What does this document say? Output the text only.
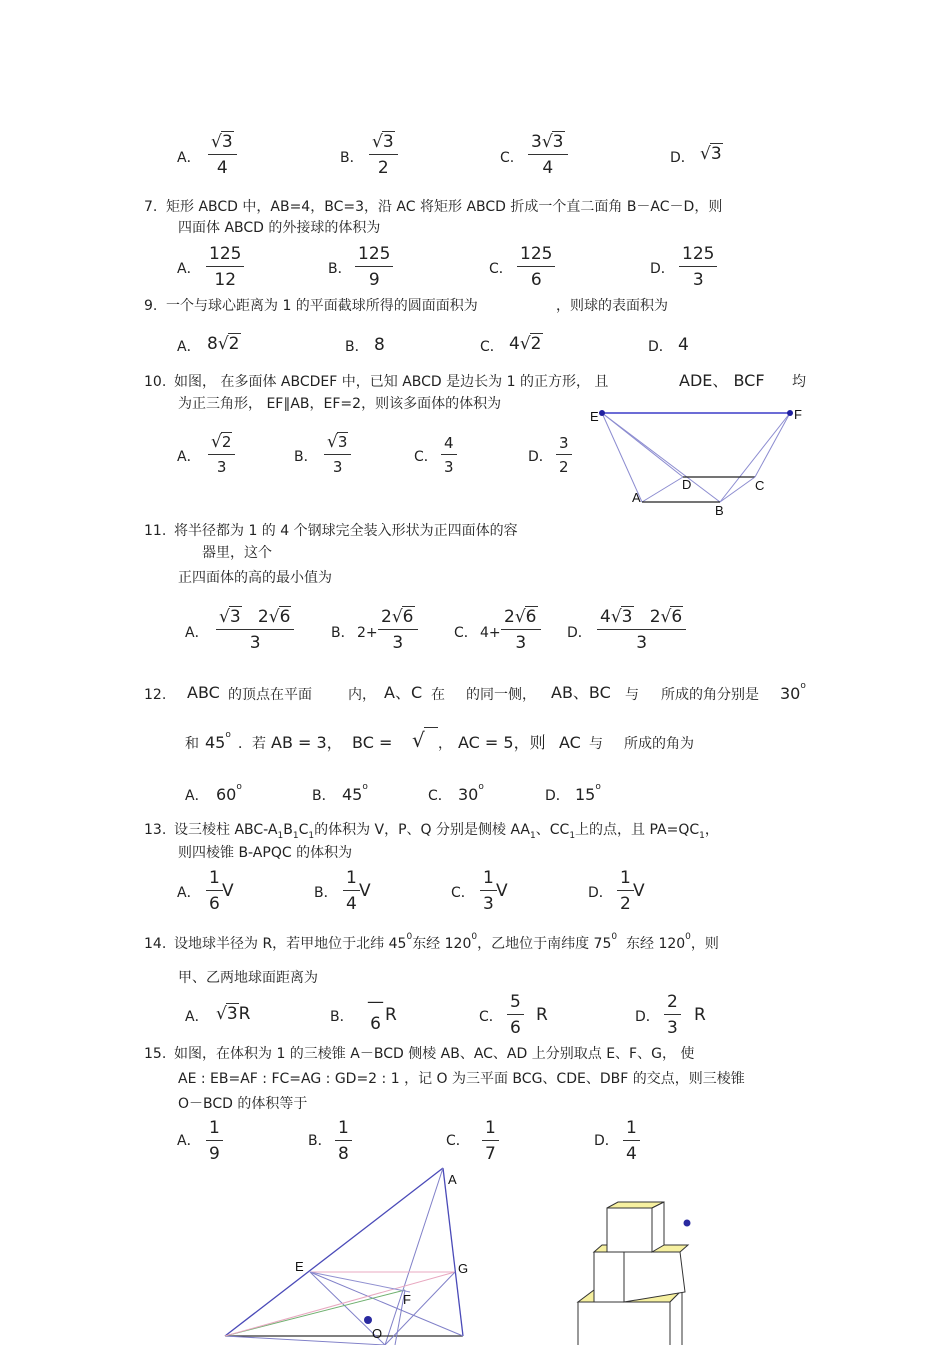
A．
√3
4	B．
√3
2	C.
3√3
4	D． √3
7. 矩形 ABCD 中，AB=4，BC=3，沿 AC 将矩形 ABCD 折成一个直二面角 B－AC－D，则
四面体 ABCD 的外接球的体积为
A．
125
12
B．
125
9
C．
125
6
D．
125
3
9. 一个与球心距离为 1 的平面截球所得的圆面面积为	，则球的表面积为
A． 8√2	B． 8	C． 4√2	D． 4
10. 如图， 在多面体 ABCDEF 中，已知 ABCD 是边长为 1 的正方形， 且	ADE、 BCF 均
为正三角形， EF∥AB，EF=2，则该多面体的体积为
A．
√2
3
B．
√3
3
C．
4
3
D．
3
2
E	F
A
D	C
B
11. 将半径都为 1 的 4 个钢球完全装入形状为正四面体的容
器里，这个
正四面体的高的最小值为
A．
√3 2√6
3	B． 2+
2√6
3	C． 4+
2√6
3	D．
4√3 2√6
3
12. ABC 的顶点在平面	内， A、C 在 的同一侧， AB、BC 与 所成的角分别是 30$^o$
和 45$^o$
．若 AB = 3， BC = √ ， AC = 5，则 AC 与 所成的角为
A． 60$^o$
B． 45$^o$
C． 30$^o$
D． 15$^o$
13. 设三棱柱 ABC-$A_1B_1C_1$的体积为 V，P、Q 分别是侧棱 $AA_1$、$CC_1$上的点，且 $PA=QC_1$，
则四棱锥 B-APQC 的体积为
A．
1
6
V	B．
1
4
V	C．
1
3
V	D．
1
2
V
14. 设地球半径为 R，若甲地位于北纬 $45^0$东经 $120^0$，乙地位于南纬度 $75^0$ 东经 $120^0$，则
甲、乙两地球面距离为
A． √3R	B．
—
6 R	C．
5
6
R	D．
2
3
R
15. 如图，在体积为 1 的三棱锥 A－BCD 侧棱 AB、AC、AD 上分别取点 E、F、G， 使
AE : EB=AF : FC=AG : GD=2 : 1 ，记 O 为三平面 BCG、CDE、DBF 的交点，则三棱锥
O－BCD 的体积等于
A．
1
9
B．
1
8
C．
1
7
D．
1
4
A
E	G
F
O
